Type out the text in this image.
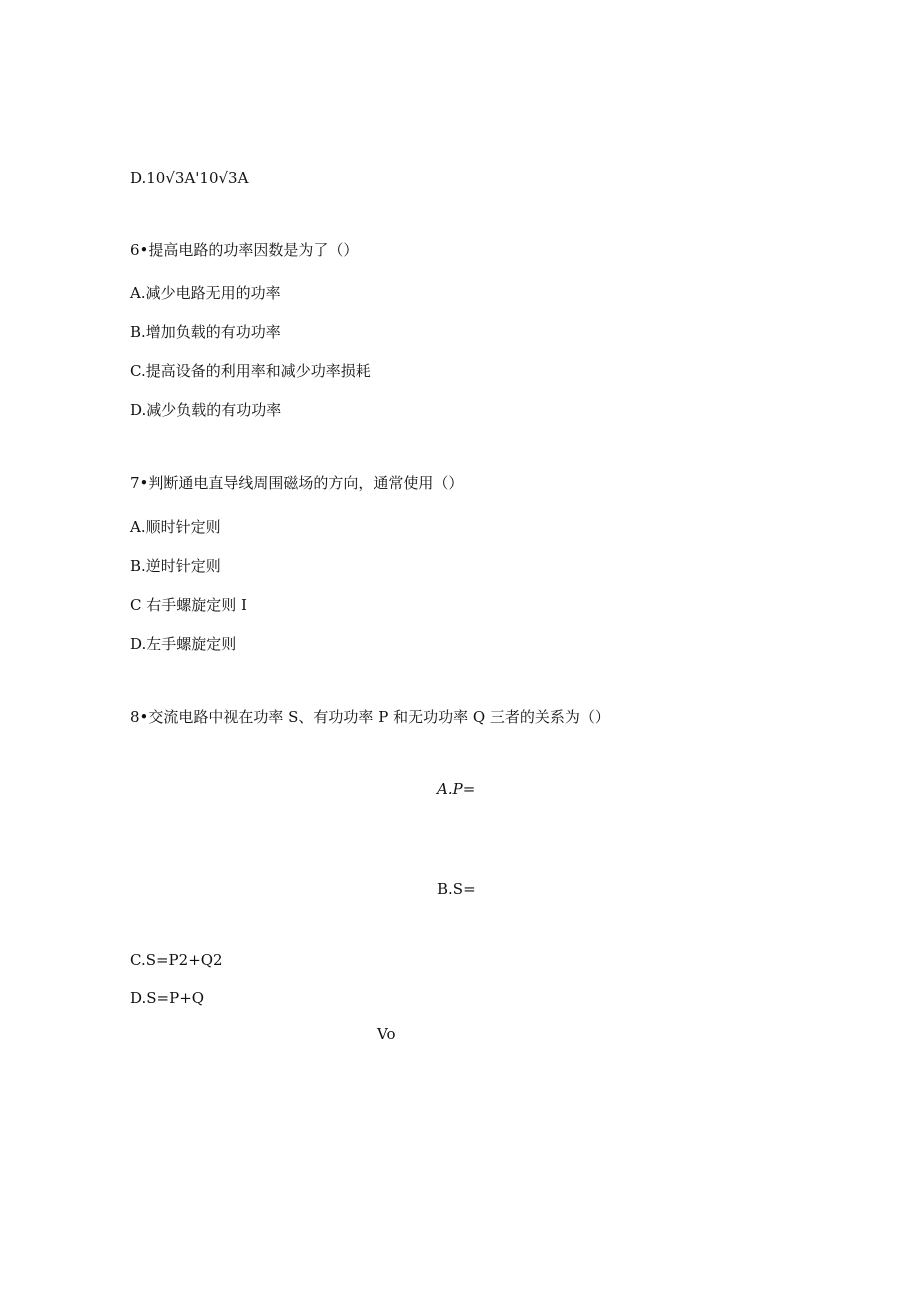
D.10√3A'10√3A
6•提高电路的功率因数是为了（）
A.减少电路无用的功率
B.增加负载的有功功率
C.提高设备的利用率和减少功率损耗
D.减少负载的有功功率
7•判断通电直导线周围磁场的方向，通常使用（）
A.顺时针定则
B.逆时针定则
C 右手螺旋定则 I
D.左手螺旋定则
8•交流电路中视在功率 S、有功功率 P 和无功功率 Q 三者的关系为（）
A.P=
B.S=
C.S=P2+Q2
D.S=P+Q
Vo
